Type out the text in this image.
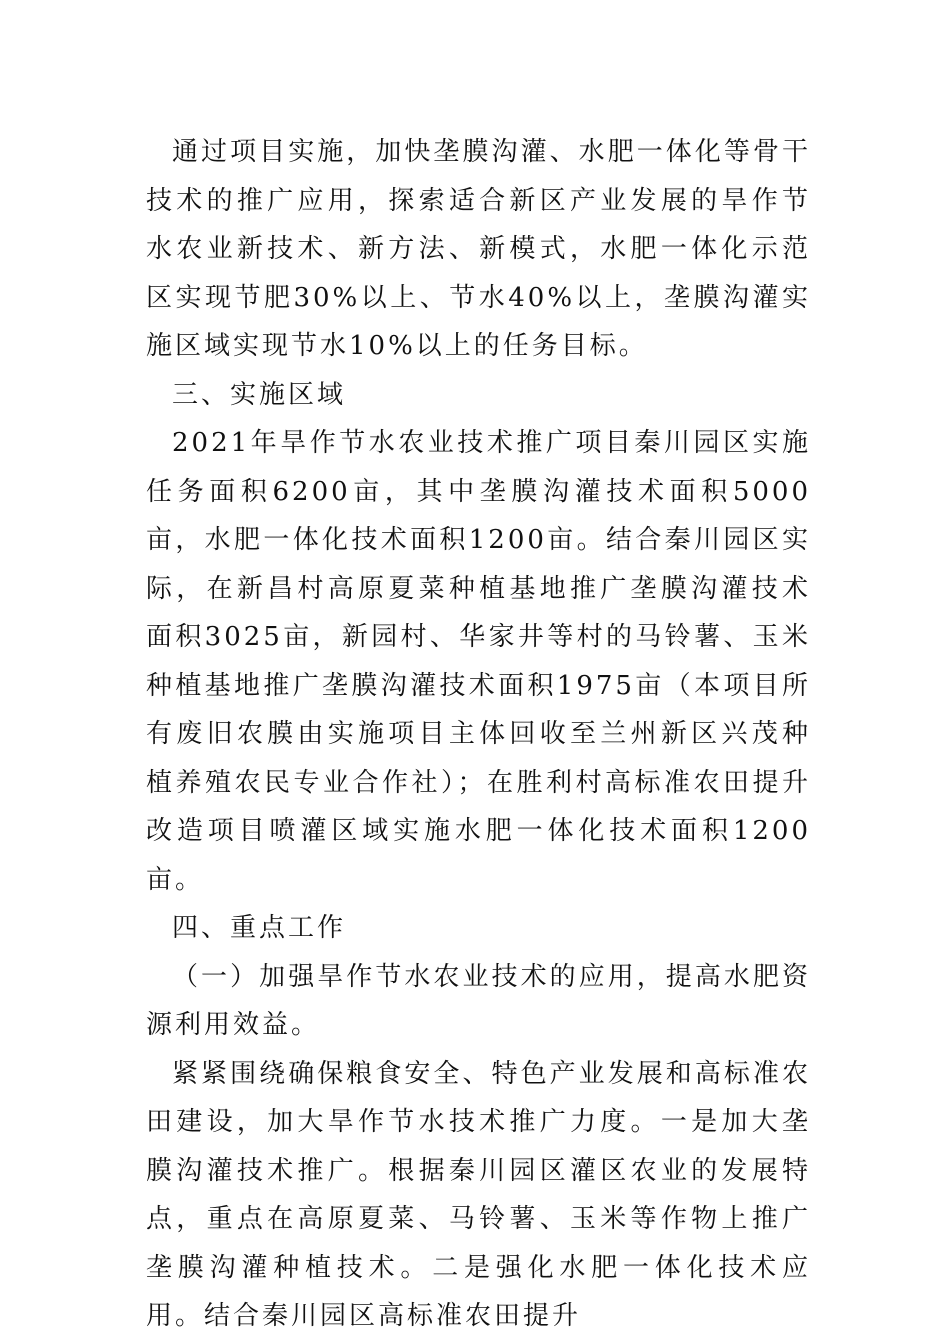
通过项目实施，加快垄膜沟灌、水肥一体化等骨干技术的推广应用，探索适合新区产业发展的旱作节水农业新技术、新方法、新模式，水肥一体化示范区实现节肥30%以上、节水40%以上，垄膜沟灌实施区域实现节水10%以上的任务目标。

三、实施区域

2021年旱作节水农业技术推广项目秦川园区实施任务面积6200亩，其中垄膜沟灌技术面积5000亩，水肥一体化技术面积1200亩。结合秦川园区实际，在新昌村高原夏菜种植基地推广垄膜沟灌技术面积3025亩，新园村、华家井等村的马铃薯、玉米种植基地推广垄膜沟灌技术面积1975亩（本项目所有废旧农膜由实施项目主体回收至兰州新区兴茂种植养殖农民专业合作社）；在胜利村高标准农田提升改造项目喷灌区域实施水肥一体化技术面积1200亩。

四、重点工作

（一）加强旱作节水农业技术的应用，提高水肥资源利用效益。

紧紧围绕确保粮食安全、特色产业发展和高标准农田建设，加大旱作节水技术推广力度。一是加大垄膜沟灌技术推广。根据秦川园区灌区农业的发展特点，重点在高原夏菜、马铃薯、玉米等作物上推广垄膜沟灌种植技术。二是强化水肥一体化技术应用。结合秦川园区高标准农田提升
